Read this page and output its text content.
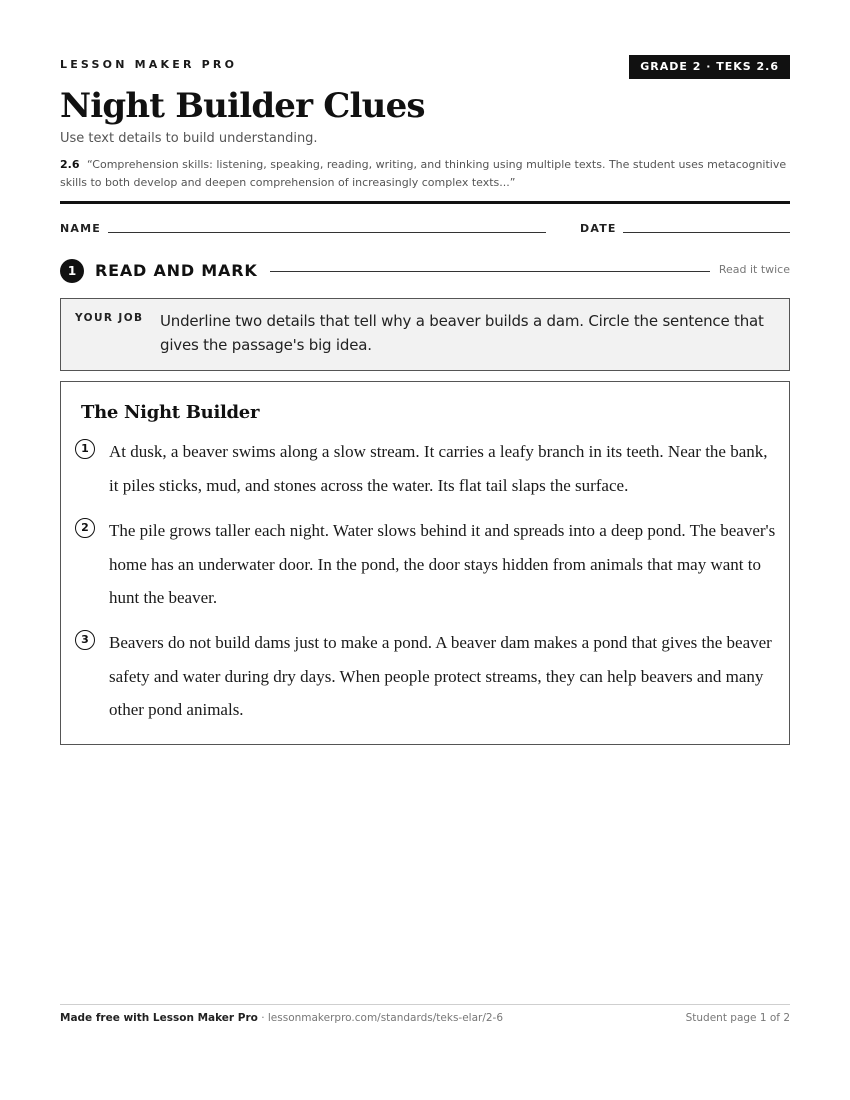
LESSON MAKER PRO	GRADE 2 · TEKS 2.6
Night Builder Clues
Use text details to build understanding.
2.6 “Comprehension skills: listening, speaking, reading, writing, and thinking using multiple texts. The student uses metacognitive skills to both develop and deepen comprehension of increasingly complex texts...”
NAME	DATE
1	READ AND MARK	Read it twice
YOUR JOB Underline two details that tell why a beaver builds a dam. Circle the sentence that gives the passage's big idea.
The Night Builder
1	At dusk, a beaver swims along a slow stream. It carries a leafy branch in its teeth. Near the bank, it piles sticks, mud, and stones across the water. Its flat tail slaps the surface.
2	The pile grows taller each night. Water slows behind it and spreads into a deep pond. The beaver's home has an underwater door. In the pond, the door stays hidden from animals that may want to hunt the beaver.
3	Beavers do not build dams just to make a pond. A beaver dam makes a pond that gives the beaver safety and water during dry days. When people protect streams, they can help beavers and many other pond animals.
Made free with Lesson Maker Pro · lessonmakerpro.com/standards/teks-elar/2-6	Student page 1 of 2
